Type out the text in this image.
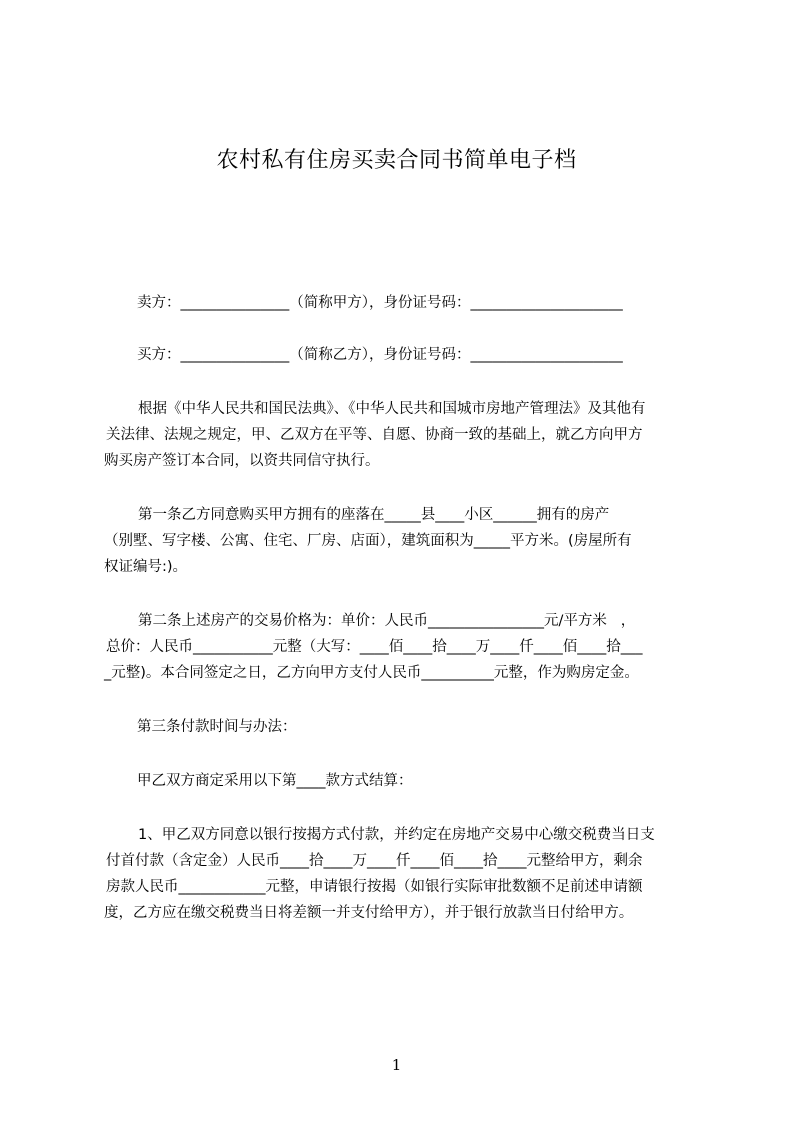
农村私有住房买卖合同书简单电子档
卖方：_______________（简称甲方），身份证号码：_____________________
买方：_______________（简称乙方），身份证号码：_____________________
根据《中华人民共和国民法典》、《中华人民共和国城市房地产管理法》及其他有
关法律、法规之规定，甲、乙双方在平等、自愿、协商一致的基础上，就乙方向甲方
购买房产签订本合同，以资共同信守执行。
第一条乙方同意购买甲方拥有的座落在_____县____小区______拥有的房产
（别墅、写字楼、公寓、住宅、厂房、店面），建筑面积为_____平方米。(房屋所有
权证编号:)。
第二条上述房产的交易价格为：单价：人民币________________元/平方米   ，
总价：人民币___________元整（大写：____佰____拾____万____仟____佰____拾___
_元整)。本合同签定之日，乙方向甲方支付人民币__________元整，作为购房定金。
第三条付款时间与办法：
甲乙双方商定采用以下第____款方式结算：
1、甲乙双方同意以银行按揭方式付款，并约定在房地产交易中心缴交税费当日支
付首付款（含定金）人民币____拾____万____仟____佰____拾____元整给甲方，剩余
房款人民币____________元整，申请银行按揭（如银行实际审批数额不足前述申请额
度，乙方应在缴交税费当日将差额一并支付给甲方），并于银行放款当日付给甲方。
1
